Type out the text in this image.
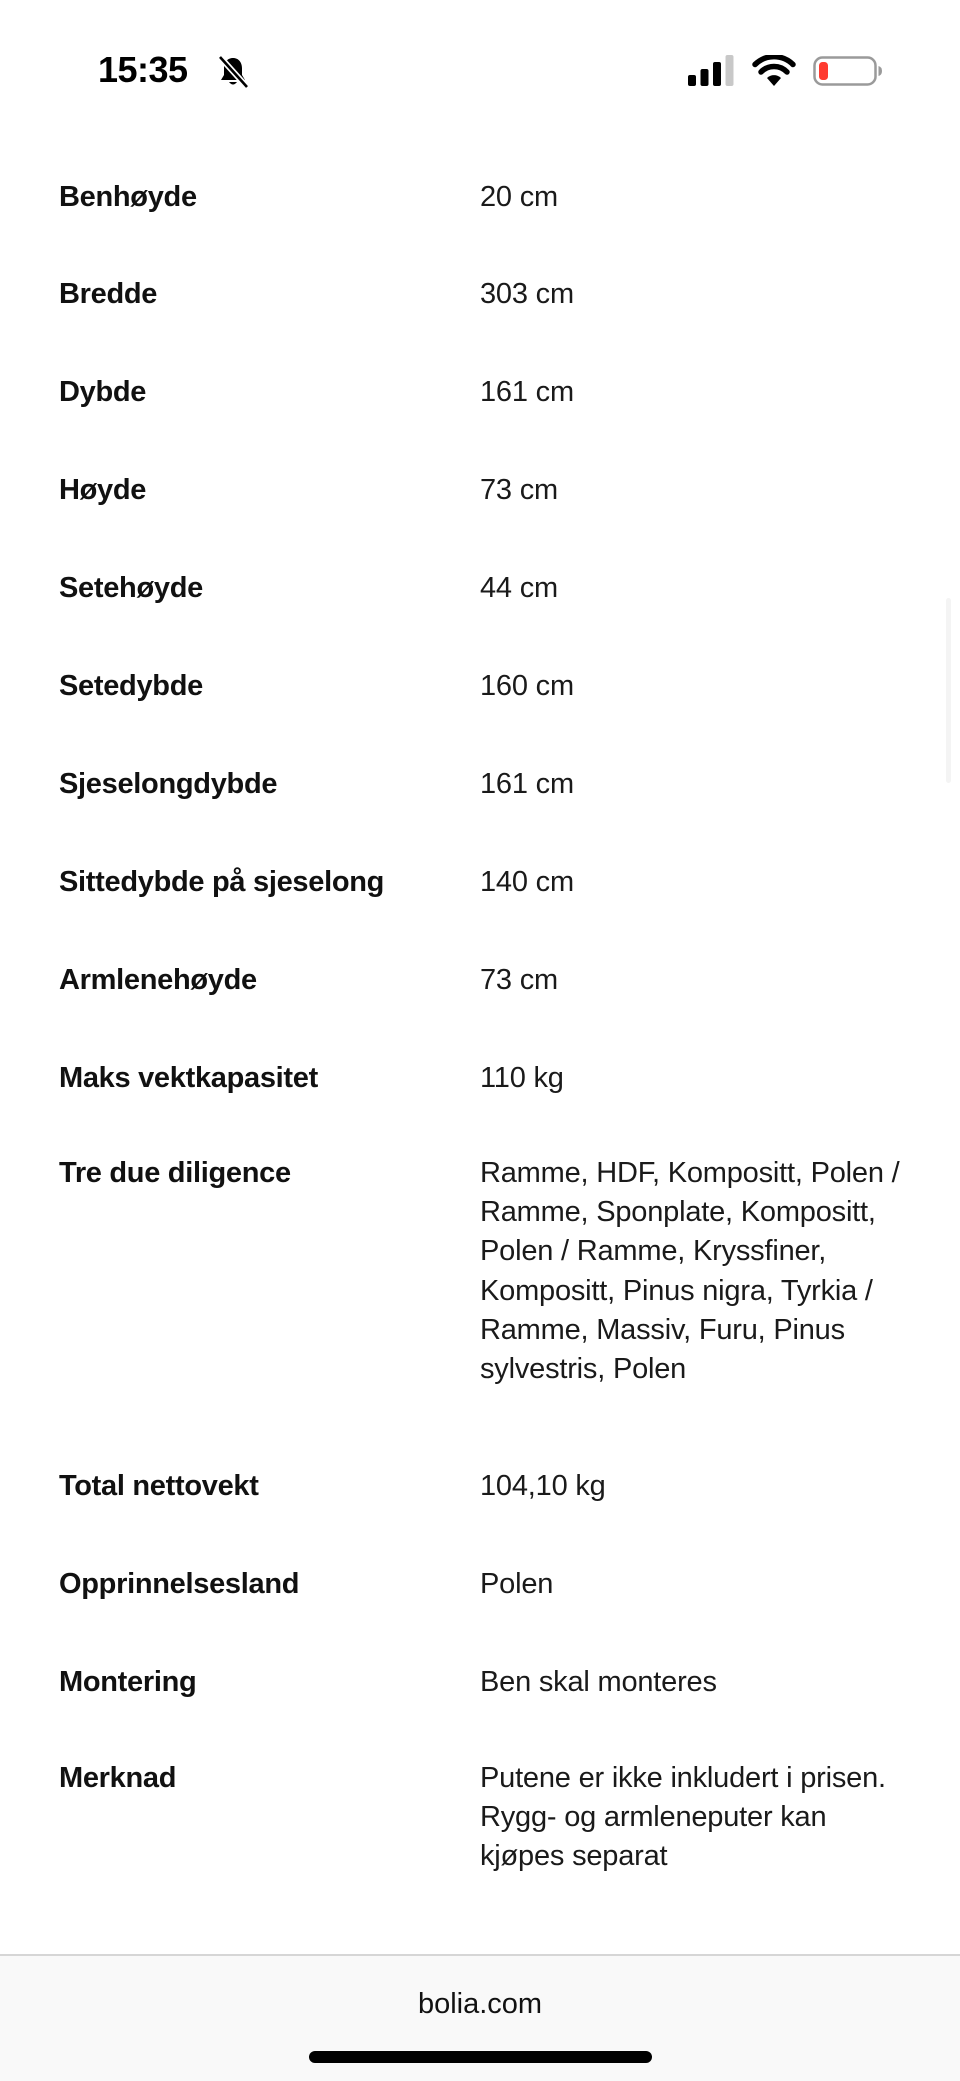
15:35
Benhøyde	20 cm
Bredde	303 cm
Dybde	161 cm
Høyde	73 cm
Setehøyde	44 cm
Setedybde	160 cm
Sjeselongdybde	161 cm
Sittedybde på sjeselong	140 cm
Armlenehøyde	73 cm
Maks vektkapasitet	110 kg
Tre due diligence	Ramme, HDF, Kompositt, Polen / Ramme, Sponplate, Kompositt, Polen / Ramme, Kryssfiner, Kompositt, Pinus nigra, Tyrkia / Ramme, Massiv, Furu, Pinus sylvestris, Polen
Total nettovekt	104,10 kg
Opprinnelsesland	Polen
Montering	Ben skal monteres
Merknad	Putene er ikke inkludert i prisen. Rygg- og armleneputer kan kjøpes separat
bolia.com
